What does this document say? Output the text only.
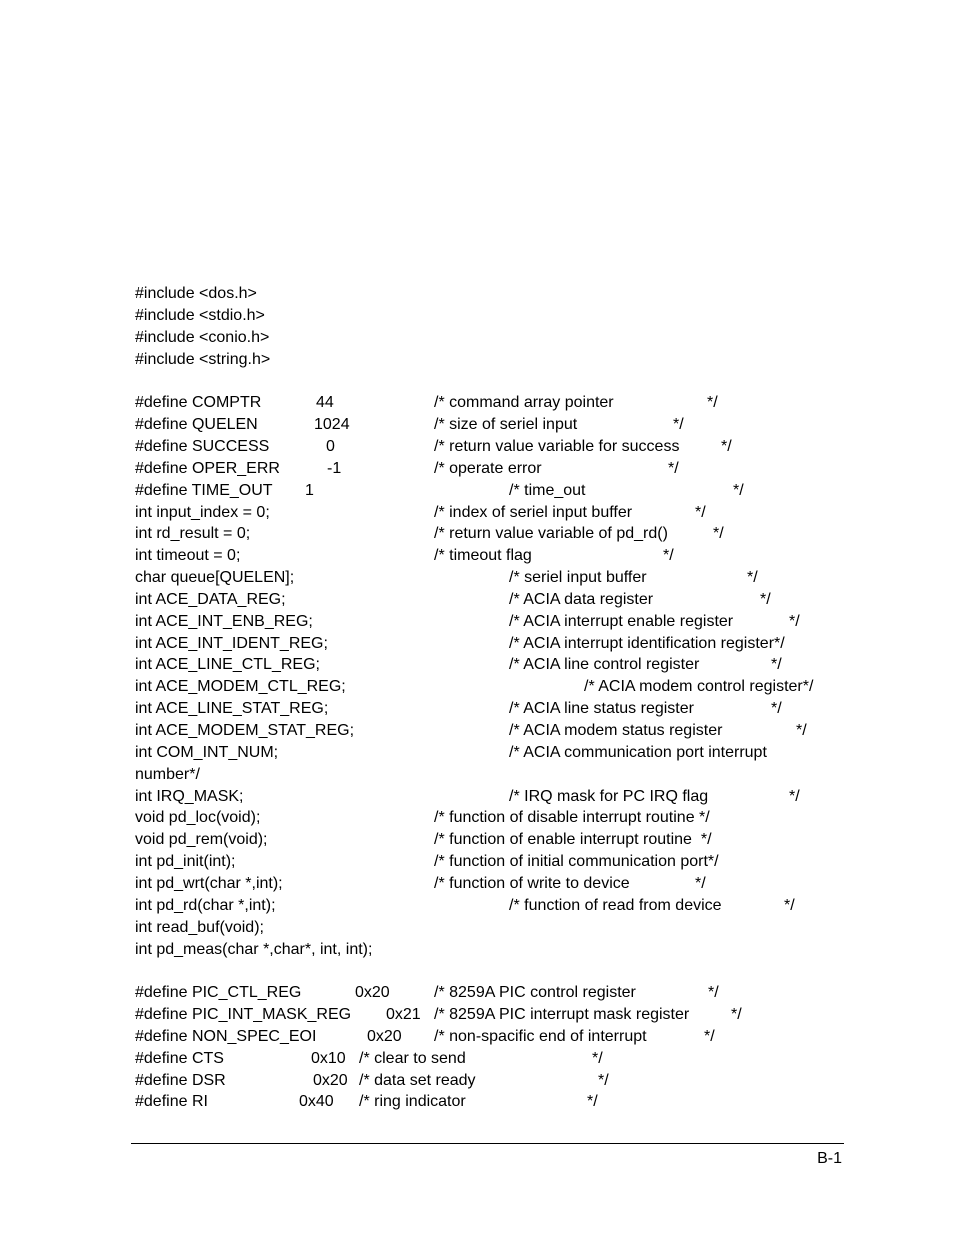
#include <dos.h>
#include <stdio.h>
#include <conio.h>
#include <string.h>
#define COMPTR	44	/* command array pointer	*/
#define QUELEN	1024	/* size of seriel input	*/
#define SUCCESS	0	/* return value variable for success	*/
#define OPER_ERR	-1	/* operate error	*/
#define TIME_OUT 1	/* time_out	*/
int input_index = 0;	/* index of seriel input buffer	*/
int rd_result = 0;	/* return value variable of pd_rd()	*/
int timeout = 0;	/* timeout flag	*/
char queue[QUELEN];	/* seriel input buffer	*/
int ACE_DATA_REG;	/* ACIA data register	*/
int ACE_INT_ENB_REG;	/* ACIA interrupt enable register	*/
int ACE_INT_IDENT_REG;	/* ACIA interrupt identification register*/
int ACE_LINE_CTL_REG;	/* ACIA line control register	*/
int ACE_MODEM_CTL_REG;	/* ACIA modem control register*/
int ACE_LINE_STAT_REG;	/* ACIA line status register	*/
int ACE_MODEM_STAT_REG;	/* ACIA modem status register	*/
int COM_INT_NUM;	/* ACIA communication port interrupt
number*/
int IRQ_MASK;	/* IRQ mask for PC IRQ flag	*/
void pd_loc(void);	/* function of disable interrupt routine */
void pd_rem(void);	/* function of enable interrupt routine  */
int pd_init(int);	/* function of initial communication port*/
int pd_wrt(char *,int);	/* function of write to device	*/
int pd_rd(char *,int);	/* function of read from device	*/
int read_buf(void);
int pd_meas(char *,char*, int, int);
#define PIC_CTL_REG	0x20	/* 8259A PIC control register	*/
#define PIC_INT_MASK_REG 0x21 /* 8259A PIC interrupt mask register	*/
#define NON_SPEC_EOI	0x20 /* non-spacific end of interrupt	*/
#define CTS	0x10 /* clear to send	*/
#define DSR	0x20 /* data set ready	*/
#define RI	0x40 /* ring indicator	*/
B-1
